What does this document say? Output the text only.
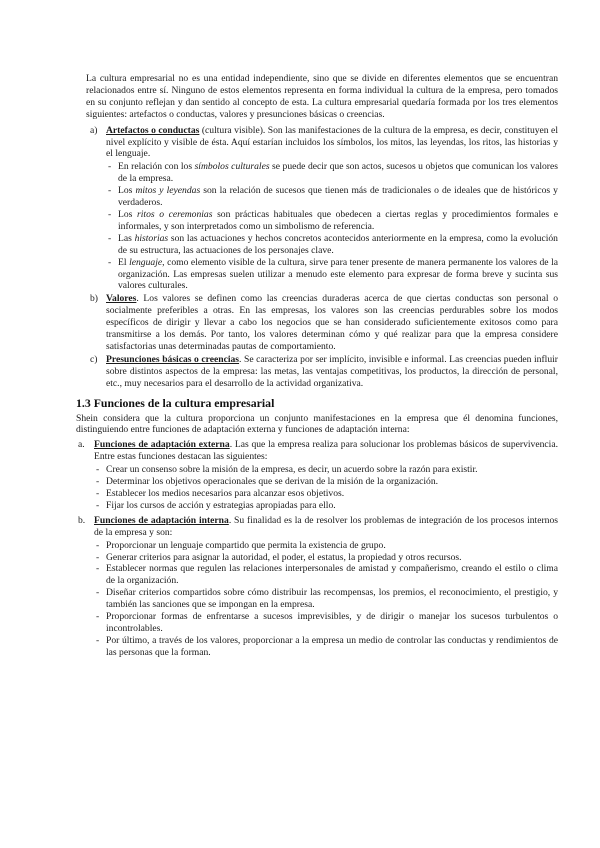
La cultura empresarial no es una entidad independiente, sino que se divide en diferentes elementos que se encuentran relacionados entre sí. Ninguno de estos elementos representa en forma individual la cultura de la empresa, pero tomados en su conjunto reflejan y dan sentido al concepto de esta. La cultura empresarial quedaría formada por los tres elementos siguientes: artefactos o conductas, valores y presunciones básicas o creencias.

a) Artefactos o conductas (cultura visible). Son las manifestaciones de la cultura de la empresa, es decir, constituyen el nivel explícito y visible de ésta. Aquí estarían incluidos los símbolos, los mitos, las leyendas, los ritos, las historias y el lenguaje.
- En relación con los símbolos culturales se puede decir que son actos, sucesos u objetos que comunican los valores de la empresa.
- Los mitos y leyendas son la relación de sucesos que tienen más de tradicionales o de ideales que de históricos y verdaderos.
- Los ritos o ceremonias son prácticas habituales que obedecen a ciertas reglas y procedimientos formales e informales, y son interpretados como un simbolismo de referencia.
- Las historias son las actuaciones y hechos concretos acontecidos anteriormente en la empresa, como la evolución de su estructura, las actuaciones de los personajes clave.
- El lenguaje, como elemento visible de la cultura, sirve para tener presente de manera permanente los valores de la organización. Las empresas suelen utilizar a menudo este elemento para expresar de forma breve y sucinta sus valores culturales.
b) Valores. Los valores se definen como las creencias duraderas acerca de que ciertas conductas son personal o socialmente preferibles a otras. En las empresas, los valores son las creencias perdurables sobre los modos específicos de dirigir y llevar a cabo los negocios que se han considerado suficientemente exitosos como para transmitirse a los demás. Por tanto, los valores determinan cómo y qué realizar para que la empresa considere satisfactorias unas determinadas pautas de comportamiento.
c) Presunciones básicas o creencias. Se caracteriza por ser implícito, invisible e informal. Las creencias pueden influir sobre distintos aspectos de la empresa: las metas, las ventajas competitivas, los productos, la dirección de personal, etc., muy necesarios para el desarrollo de la actividad organizativa.
1.3 Funciones de la cultura empresarial

Shein considera que la cultura proporciona un conjunto manifestaciones en la empresa que él denomina funciones, distinguiendo entre funciones de adaptación externa y funciones de adaptación interna:

a. Funciones de adaptación externa. Las que la empresa realiza para solucionar los problemas básicos de supervivencia. Entre estas funciones destacan las siguientes:
- Crear un consenso sobre la misión de la empresa, es decir, un acuerdo sobre la razón para existir.
- Determinar los objetivos operacionales que se derivan de la misión de la organización.
- Establecer los medios necesarios para alcanzar esos objetivos.
- Fijar los cursos de acción y estrategias apropiadas para ello.
b. Funciones de adaptación interna. Su finalidad es la de resolver los problemas de integración de los procesos internos de la empresa y son:
- Proporcionar un lenguaje compartido que permita la existencia de grupo.
- Generar criterios para asignar la autoridad, el poder, el estatus, la propiedad y otros recursos.
- Establecer normas que regulen las relaciones interpersonales de amistad y compañerismo, creando el estilo o clima de la organización.
- Diseñar criterios compartidos sobre cómo distribuir las recompensas, los premios, el reconocimiento, el prestigio, y también las sanciones que se impongan en la empresa.
- Proporcionar formas de enfrentarse a sucesos imprevisibles, y de dirigir o manejar los sucesos turbulentos o incontrolables.
- Por último, a través de los valores, proporcionar a la empresa un medio de controlar las conductas y rendimientos de las personas que la forman.
